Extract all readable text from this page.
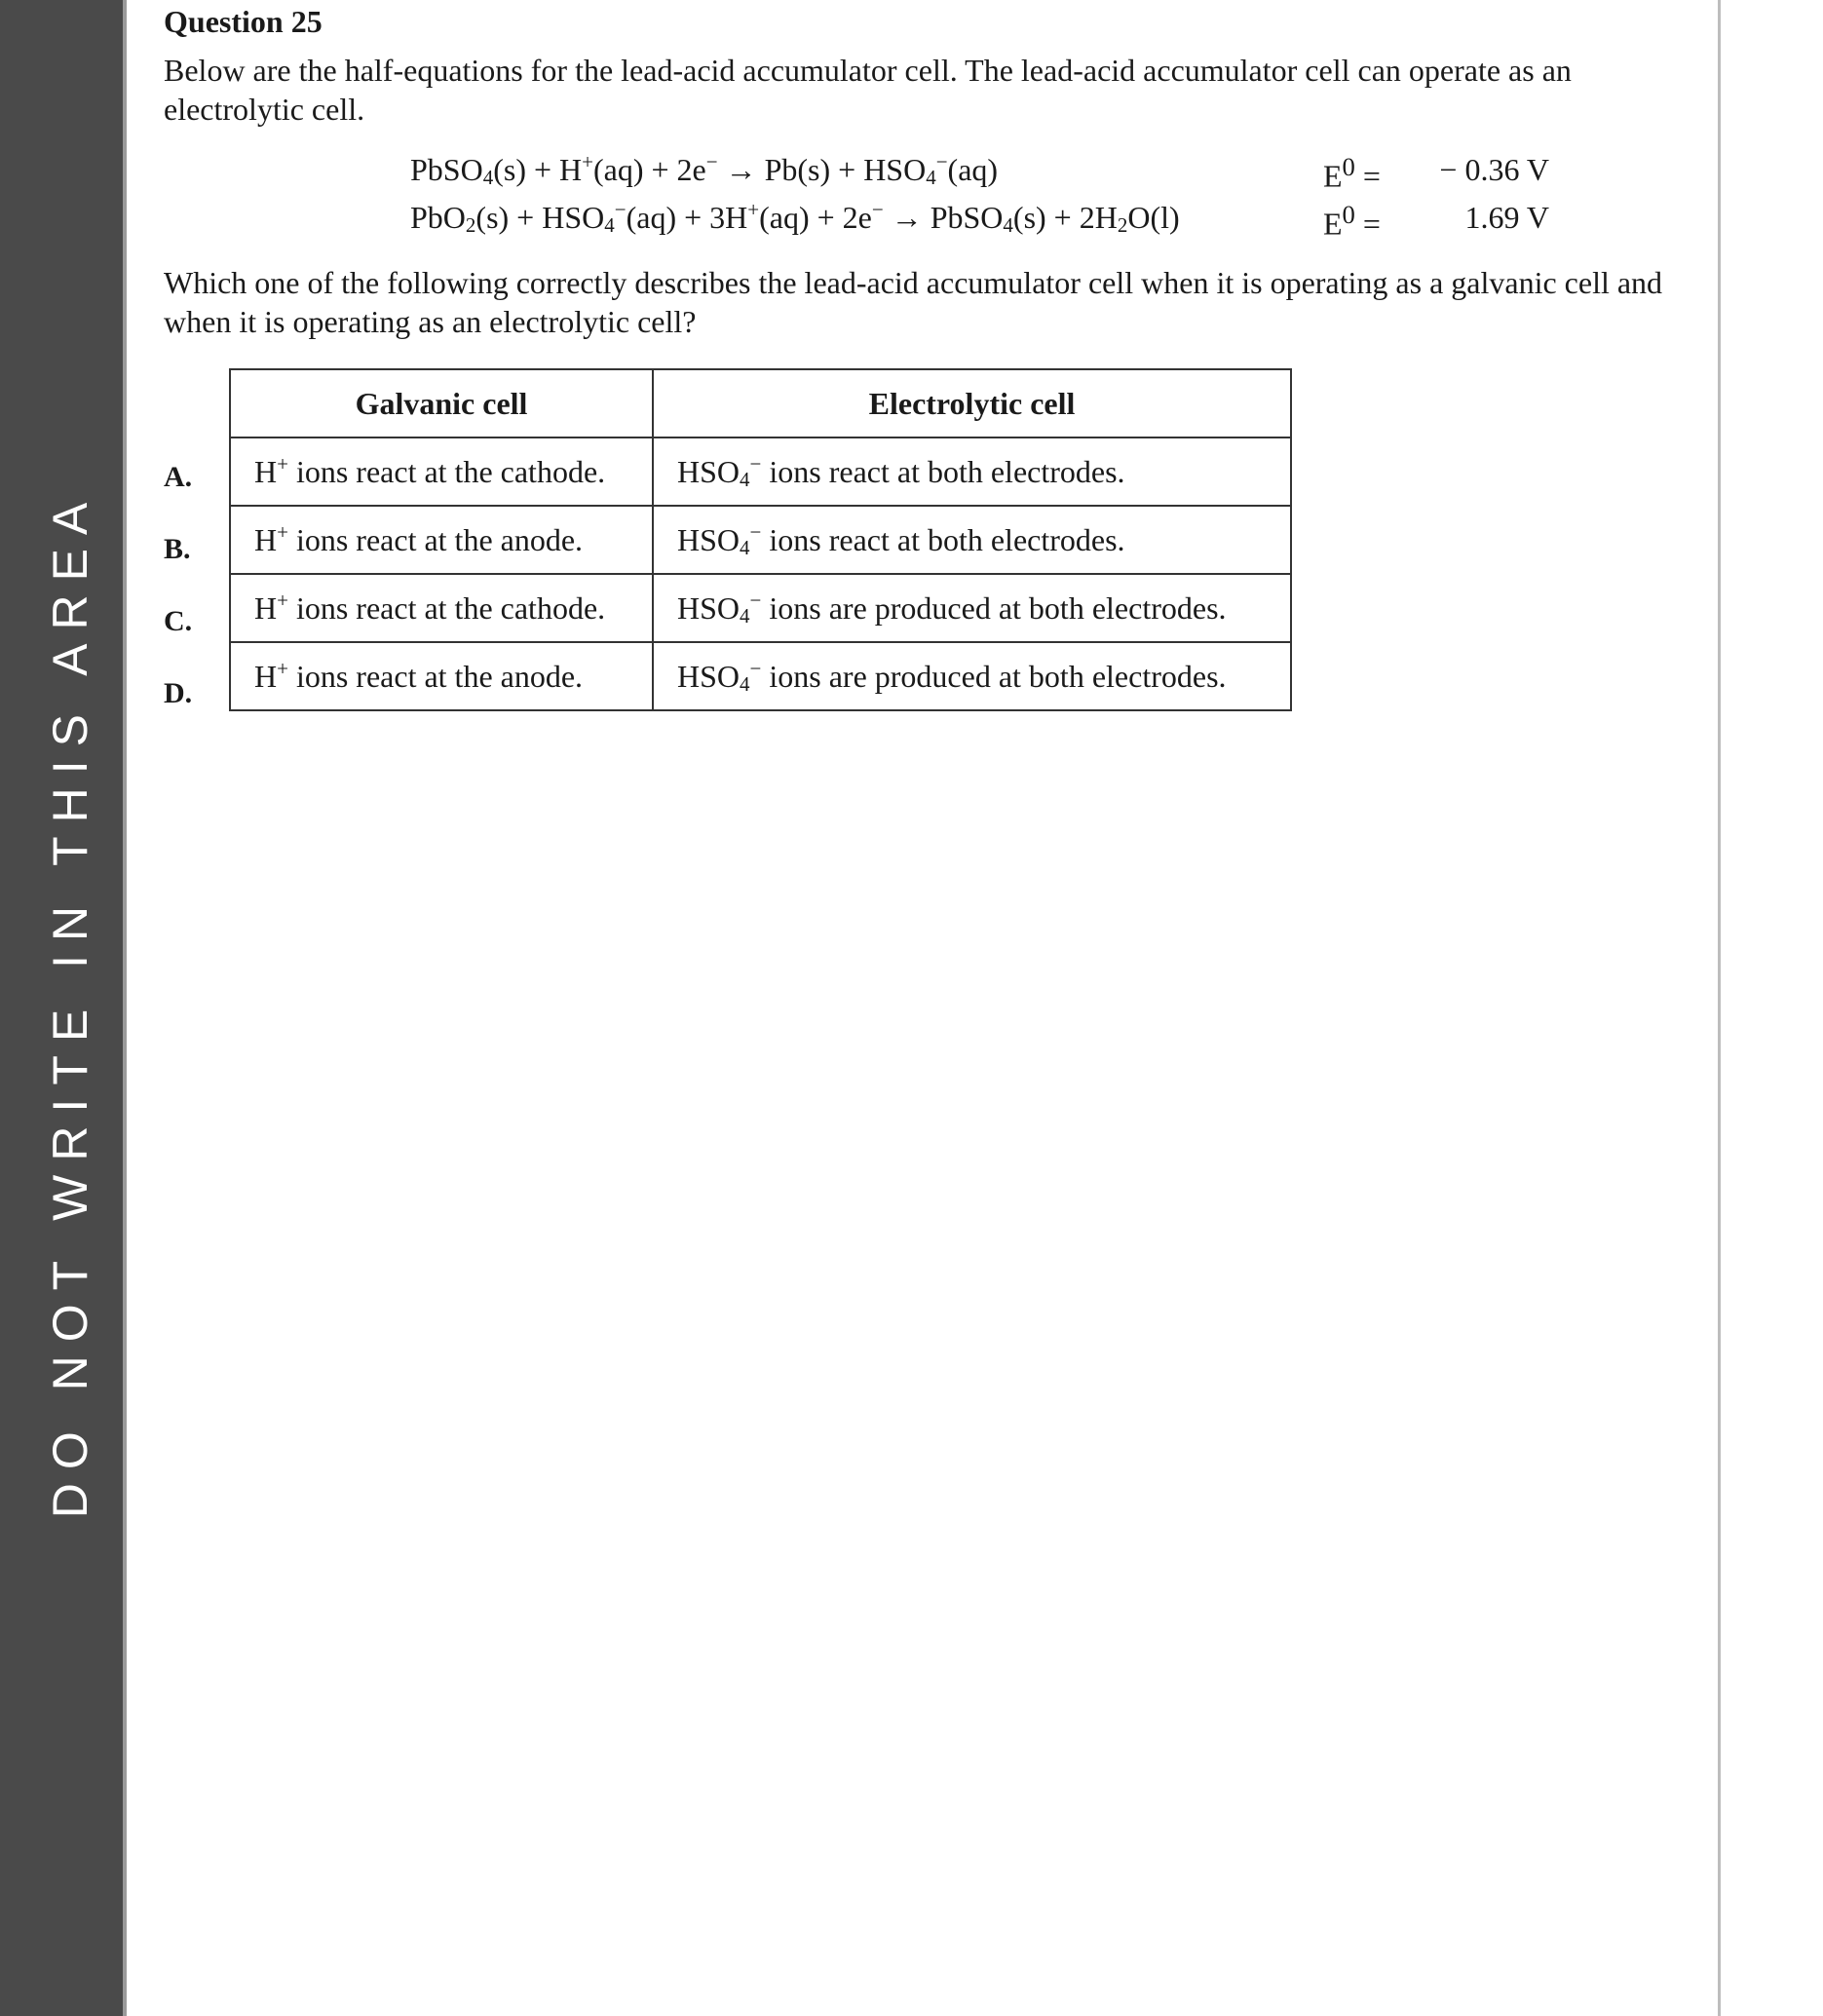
DO NOT WRITE IN THIS AREA
Question 25
Below are the half-equations for the lead-acid accumulator cell. The lead-acid accumulator cell can operate as an electrolytic cell.
PbSO$_4$(s) + $H^+(aq) + 2e^- \to Pb(s) + HSO_4^-(aq)$	$E^0$ =	− 0.36 V
$PbO_2(s) + HSO_4^-(aq) + 3H^+(aq) + 2e^-$ → PbSO$_4$(s) + $2H_2O(l)$	$E^0$ =	1.69 V
Which one of the following correctly describes the lead-acid accumulator cell when it is operating as a galvanic cell and when it is operating as an electrolytic cell?
A.
B.
C.
D.
Galvanic cell	Electrolytic cell
H+ ions react at the cathode.	$HSO_4^-$ ions react at both electrodes.
H+ ions react at the anode.	$HSO_4^-$ ions react at both electrodes.
H+ ions react at the cathode.	$HSO_4^-$ ions are produced at both electrodes.
H+ ions react at the anode.	$HSO_4^-$ ions are produced at both electrodes.
